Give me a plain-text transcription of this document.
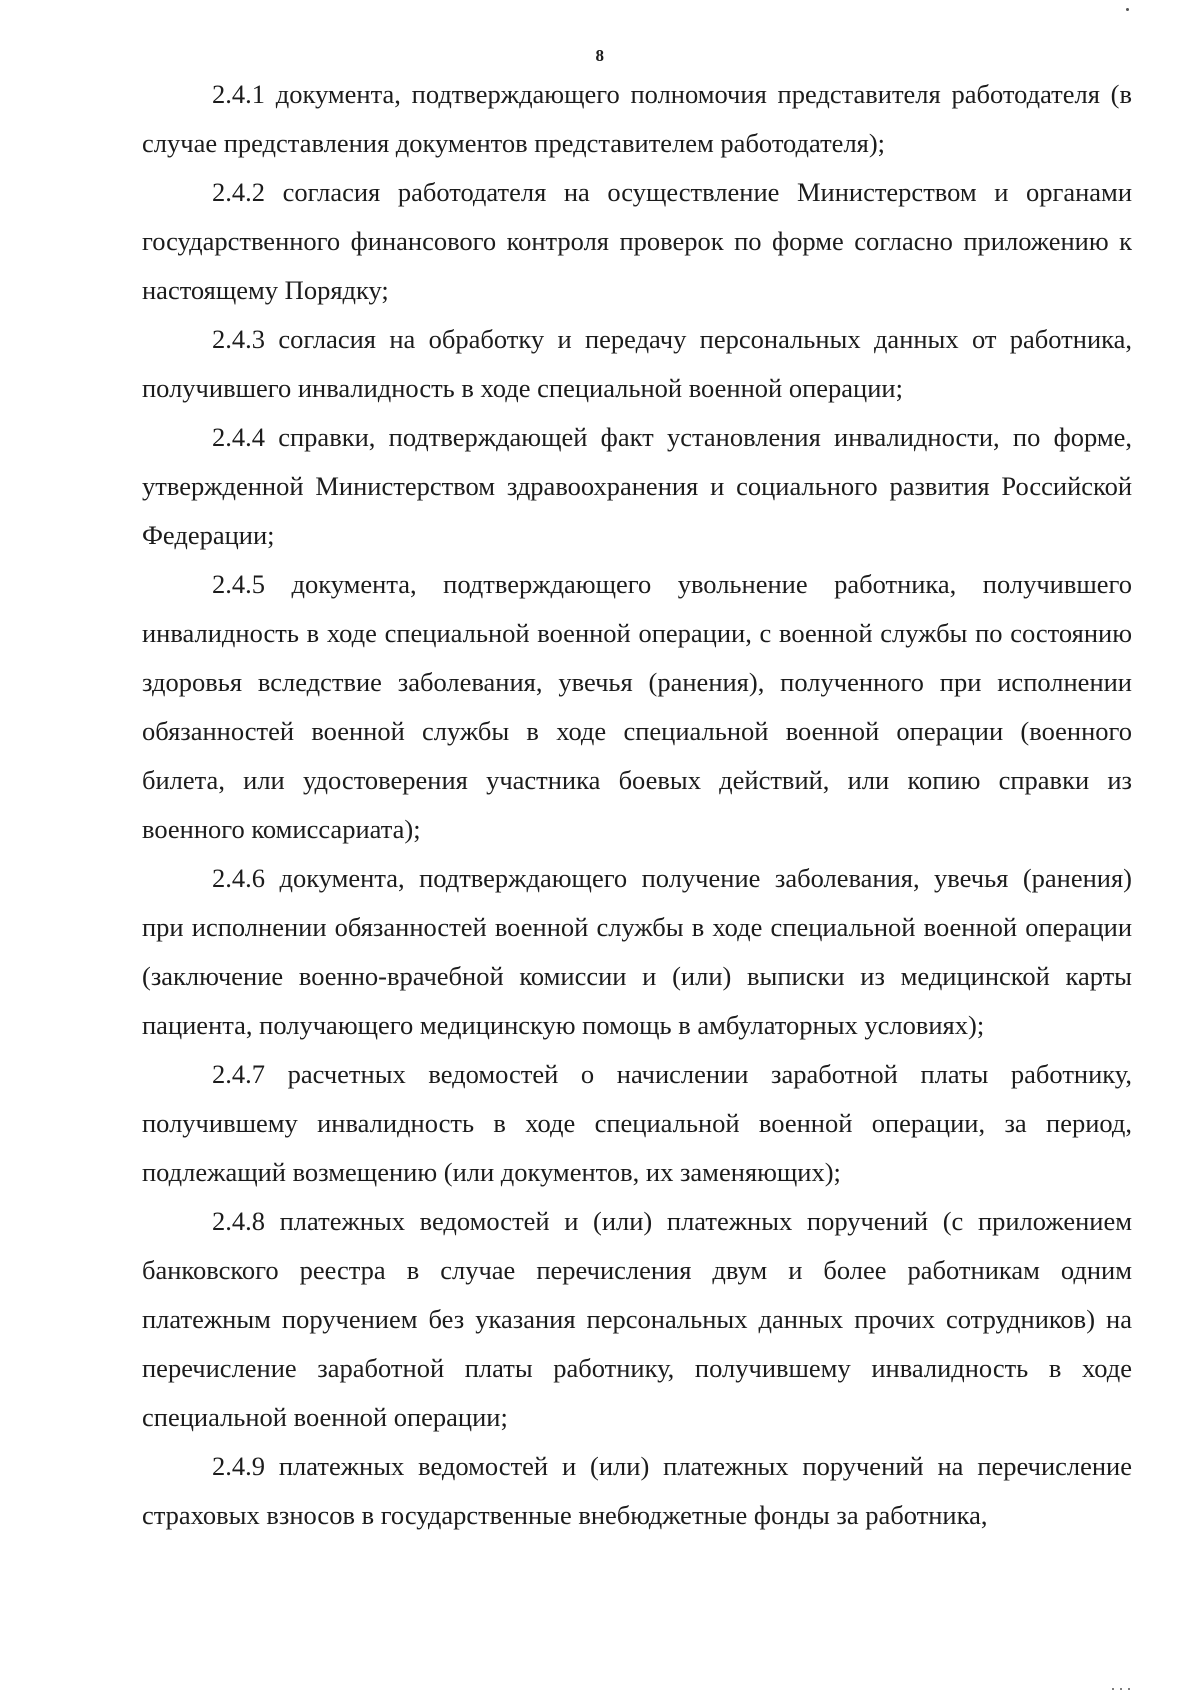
8

2.4.1 документа, подтверждающего полномочия представителя работодателя (в случае представления документов представителем работодателя);

2.4.2 согласия работодателя на осуществление Министерством и органами государственного финансового контроля проверок по форме согласно приложению к настоящему Порядку;

2.4.3 согласия на обработку и передачу персональных данных от работника, получившего инвалидность в ходе специальной военной операции;

2.4.4 справки, подтверждающей факт установления инвалидности, по форме, утвержденной Министерством здравоохранения и социального развития Российской Федерации;

2.4.5 документа, подтверждающего увольнение работника, получившего инвалидность в ходе специальной военной операции, с военной службы по состоянию здоровья вследствие заболевания, увечья (ранения), полученного при исполнении обязанностей военной службы в ходе специальной военной операции (военного билета, или удостоверения участника боевых действий, или копию справки из военного комиссариата);

2.4.6 документа, подтверждающего получение заболевания, увечья (ранения) при исполнении обязанностей военной службы в ходе специальной военной операции (заключение военно-врачебной комиссии и (или) выписки из медицинской карты пациента, получающего медицинскую помощь в амбулаторных условиях);

2.4.7 расчетных ведомостей о начислении заработной платы работнику, получившему инвалидность в ходе специальной военной операции, за период, подлежащий возмещению (или документов, их заменяющих);

2.4.8 платежных ведомостей и (или) платежных поручений (с приложением банковского реестра в случае перечисления двум и более работникам одним платежным поручением без указания персональных данных прочих сотрудников) на перечисление заработной платы работнику, получившему инвалидность в ходе специальной военной операции;

2.4.9 платежных ведомостей и (или) платежных поручений на перечисление страховых взносов в государственные внебюджетные фонды за работника,
